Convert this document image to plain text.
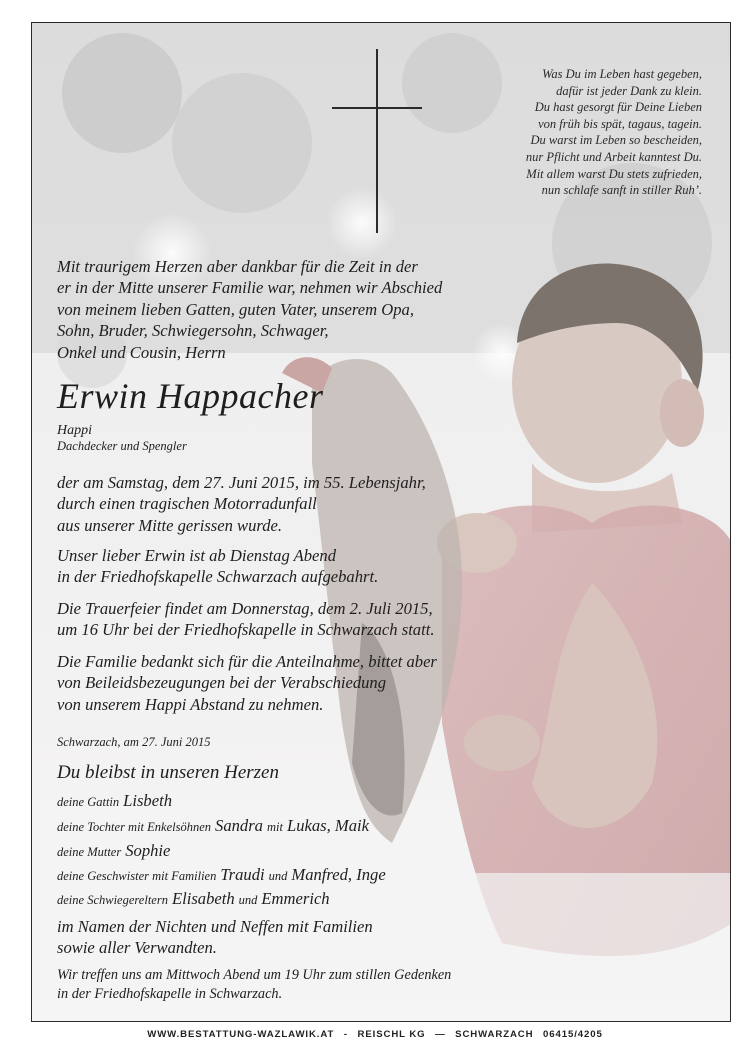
Was Du im Leben hast gegeben,
dafür ist jeder Dank zu klein.
Du hast gesorgt für Deine Lieben
von früh bis spät, tagaus, tagein.
Du warst im Leben so bescheiden,
nur Pflicht und Arbeit kanntest Du.
Mit allem warst Du stets zufrieden,
nun schlafe sanft in stiller Ruh’.
Mit traurigem Herzen aber dankbar für die Zeit in der
er in der Mitte unserer Familie war, nehmen wir Abschied
von meinem lieben Gatten, guten Vater, unserem Opa,
Sohn, Bruder, Schwiegersohn, Schwager,
Onkel und Cousin, Herrn
Erwin Happacher
Happi
Dachdecker und Spengler
der am Samstag, dem 27. Juni 2015, im 55. Lebensjahr,
durch einen tragischen Motorradunfall
aus unserer Mitte gerissen wurde.
Unser lieber Erwin ist ab Dienstag Abend
in der Friedhofskapelle Schwarzach aufgebahrt.
Die Trauerfeier findet am Donnerstag, dem 2. Juli 2015,
um 16 Uhr bei der Friedhofskapelle in Schwarzach statt.
Die Familie bedankt sich für die Anteilnahme, bittet aber
von Beileidsbezeugungen bei der Verabschiedung
von unserem Happi Abstand zu nehmen.
Schwarzach, am 27. Juni 2015
Du bleibst in unseren Herzen
deine Gattin Lisbeth
deine Tochter mit Enkelsöhnen Sandra mit Lukas, Maik
deine Mutter Sophie
deine Geschwister mit Familien Traudi und Manfred, Inge
deine Schwiegereltern Elisabeth und Emmerich
im Namen der Nichten und Neffen mit Familien
sowie aller Verwandten.
Wir treffen uns am Mittwoch Abend um 19 Uhr zum stillen Gedenken
in der Friedhofskapelle in Schwarzach.
WWW.BESTATTUNG-WAZLAWIK.AT - REISCHL KG — SCHWARZACH 06415/4205
